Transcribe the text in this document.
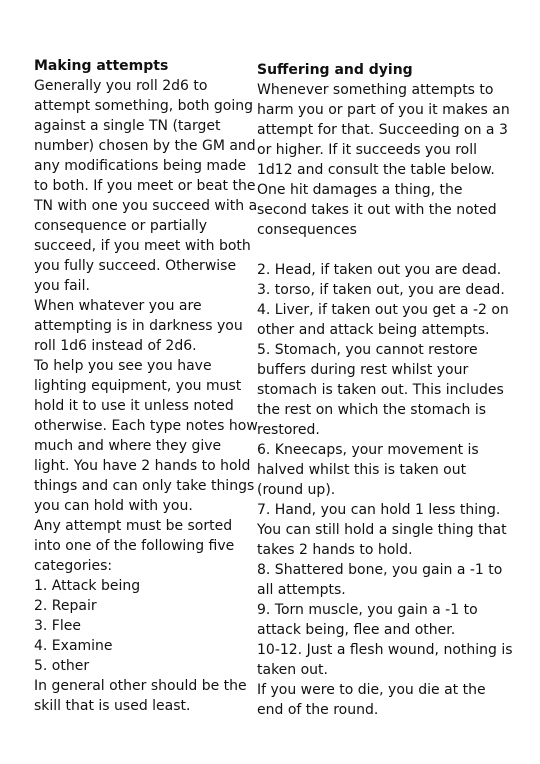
Making attempts

Generally you roll 2d6 to attempt something, both going against a single TN (target number) chosen by the GM and any modifications being made to both. If you meet or beat the TN with one you succeed with a consequence or partially succeed, if you meet with both you fully succeed. Otherwise you fail.

When whatever you are attempting is in darkness you roll 1d6 instead of 2d6.

To help you see you have lighting equipment, you must hold it to use it unless noted otherwise. Each type notes how much and where they give light. You have 2 hands to hold things and can only take things you can hold with you.

Any attempt must be sorted into one of the following five categories:

1. Attack being

2. Repair

3. Flee

4. Examine

5. other

In general other should be the skill that is used least.

Suffering and dying

Whenever something attempts to harm you or part of you it makes an attempt for that. Succeeding on a 3 or higher. If it succeeds you roll 1d12 and consult the table below. One hit damages a thing, the second takes it out with the noted consequences

2. Head, if taken out you are dead.

3. torso, if taken out, you are dead.

4. Liver, if taken out you get a -2 on other and attack being attempts.

5. Stomach, you cannot restore buffers during rest whilst your stomach is taken out. This includes the rest on which the stomach is restored.

6. Kneecaps, your movement is halved whilst this is taken out (round up).

7. Hand, you can hold 1 less thing. You can still hold a single thing that takes 2 hands to hold.

8. Shattered bone, you gain a -1 to all attempts.

9. Torn muscle, you gain a -1 to attack being, flee and other.

10-12. Just a flesh wound, nothing is taken out.

If you were to die, you die at the end of the round.
